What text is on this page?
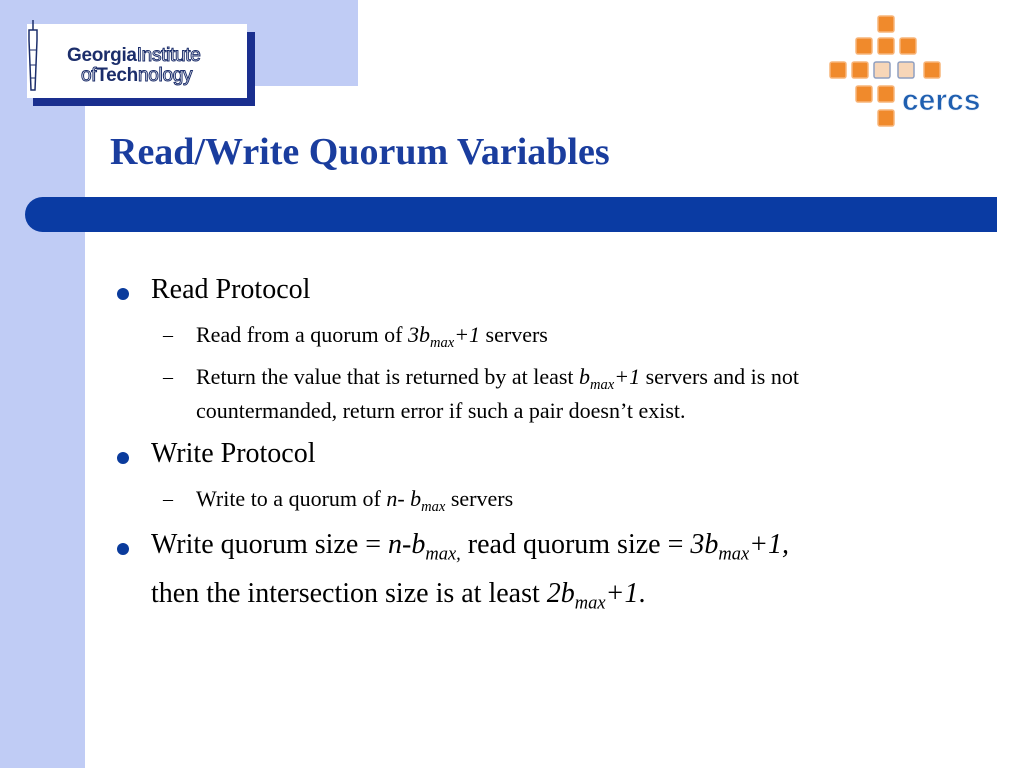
GeorgiaInstitute
ofTechnology
cercs
Read/Write Quorum Variables
Read Protocol
– Read from a quorum of $3b_{max}+1$ servers
– Return the value that is returned by at least $b_{max}+1$ servers and is not
countermanded, return error if such a pair doesn’t exist.
Write Protocol
– Write to a quorum of n- $b_{max}$ servers
Write quorum size = $n-b_{max,}$ read quorum size = $3b_{max}+1$,
then the intersection size is at least $2b_{max}+1$.
